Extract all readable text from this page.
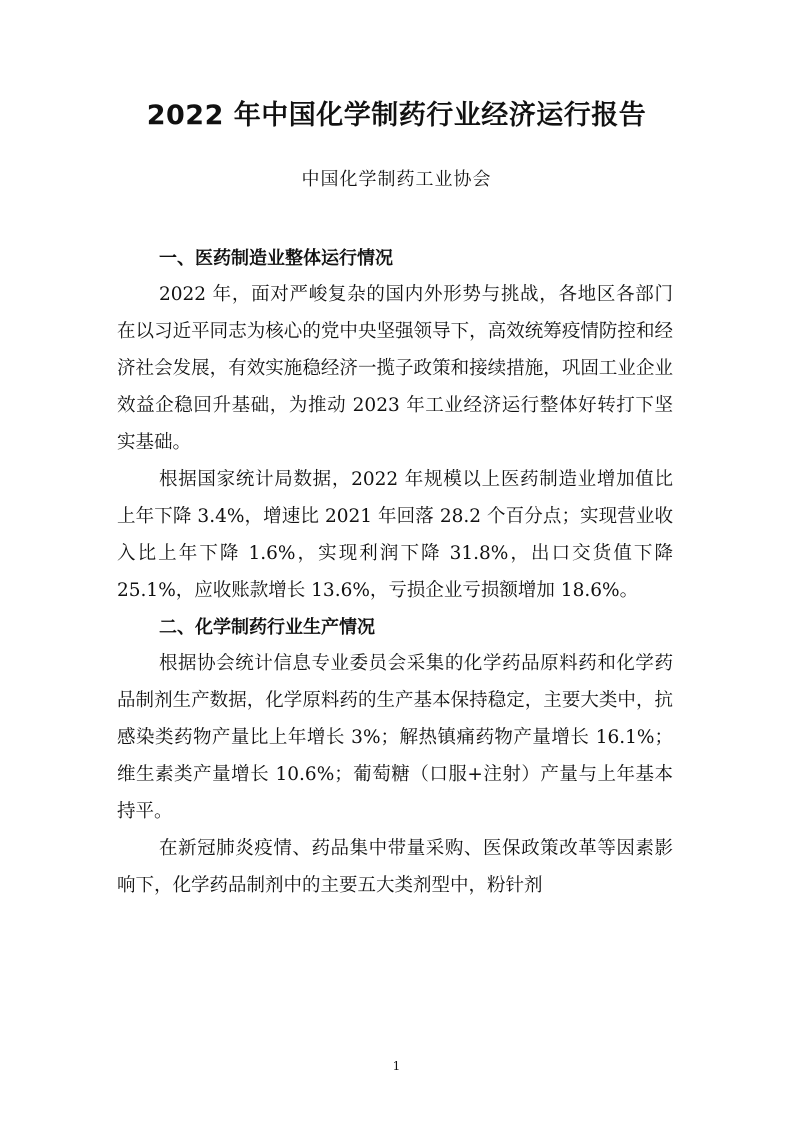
2022 年中国化学制药行业经济运行报告

中国化学制药工业协会

一、医药制造业整体运行情况

2022 年，面对严峻复杂的国内外形势与挑战，各地区各部门在以习近平同志为核心的党中央坚强领导下，高效统筹疫情防控和经济社会发展，有效实施稳经济一揽子政策和接续措施，巩固工业企业效益企稳回升基础，为推动 2023 年工业经济运行整体好转打下坚实基础。

根据国家统计局数据，2022 年规模以上医药制造业增加值比上年下降 3.4%，增速比 2021 年回落 28.2 个百分点；实现营业收入比上年下降 1.6%，实现利润下降 31.8%，出口交货值下降 25.1%，应收账款增长 13.6%，亏损企业亏损额增加 18.6%。

二、化学制药行业生产情况

根据协会统计信息专业委员会采集的化学药品原料药和化学药品制剂生产数据，化学原料药的生产基本保持稳定，主要大类中，抗感染类药物产量比上年增长 3%；解热镇痛药物产量增长 16.1%；维生素类产量增长 10.6%；葡萄糖（口服+注射）产量与上年基本持平。

在新冠肺炎疫情、药品集中带量采购、医保政策改革等因素影响下，化学药品制剂中的主要五大类剂型中，粉针剂

1
